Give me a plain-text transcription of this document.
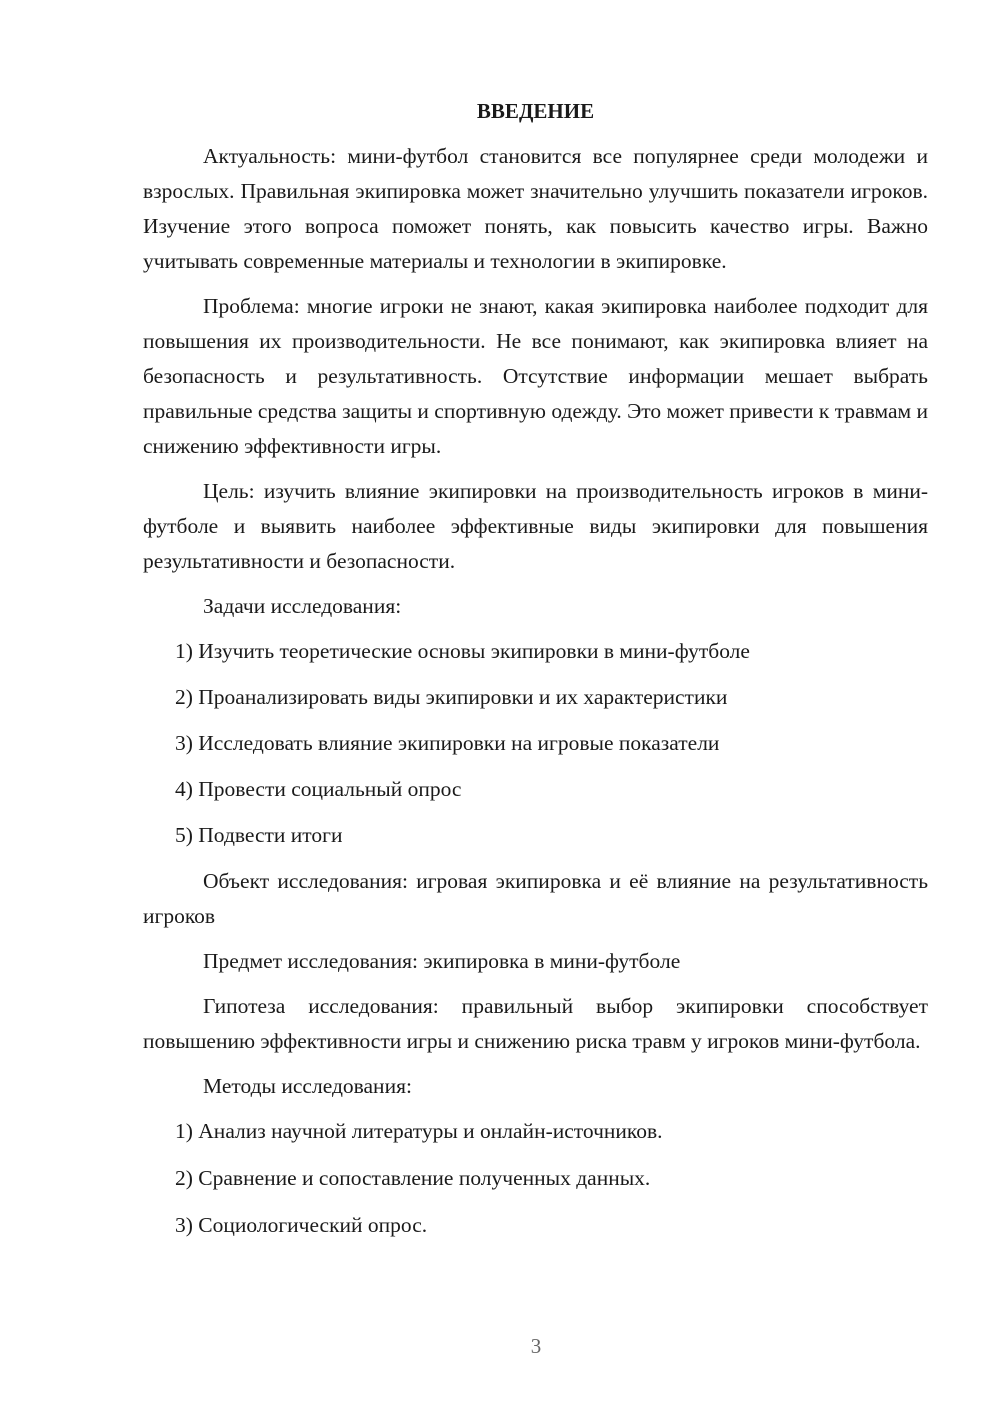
ВВЕДЕНИЕ

Актуальность: мини-футбол становится все популярнее среди молодежи и взрослых. Правильная экипировка может значительно улучшить показатели игроков. Изучение этого вопроса поможет понять, как повысить качество игры. Важно учитывать современные материалы и технологии в экипировке.

Проблема: многие игроки не знают, какая экипировка наиболее подходит для повышения их производительности. Не все понимают, как экипировка влияет на безопасность и результативность. Отсутствие информации мешает выбрать правильные средства защиты и спортивную одежду. Это может привести к травмам и снижению эффективности игры.

Цель: изучить влияние экипировки на производительность игроков в мини-футболе и выявить наиболее эффективные виды экипировки для повышения результативности и безопасности.

Задачи исследования:
1) Изучить теоретические основы экипировки в мини-футболе
2) Проанализировать виды экипировки и их характеристики
3) Исследовать влияние экипировки на игровые показатели
4) Провести социальный опрос
5) Подвести итоги

Объект исследования: игровая экипировка и её влияние на результативность игроков

Предмет исследования: экипировка в мини-футболе

Гипотеза исследования: правильный выбор экипировки способствует повышению эффективности игры и снижению риска травм у игроков мини-футбола.

Методы исследования:
1) Анализ научной литературы и онлайн-источников.
2) Сравнение и сопоставление полученных данных.
3) Социологический опрос.
3
